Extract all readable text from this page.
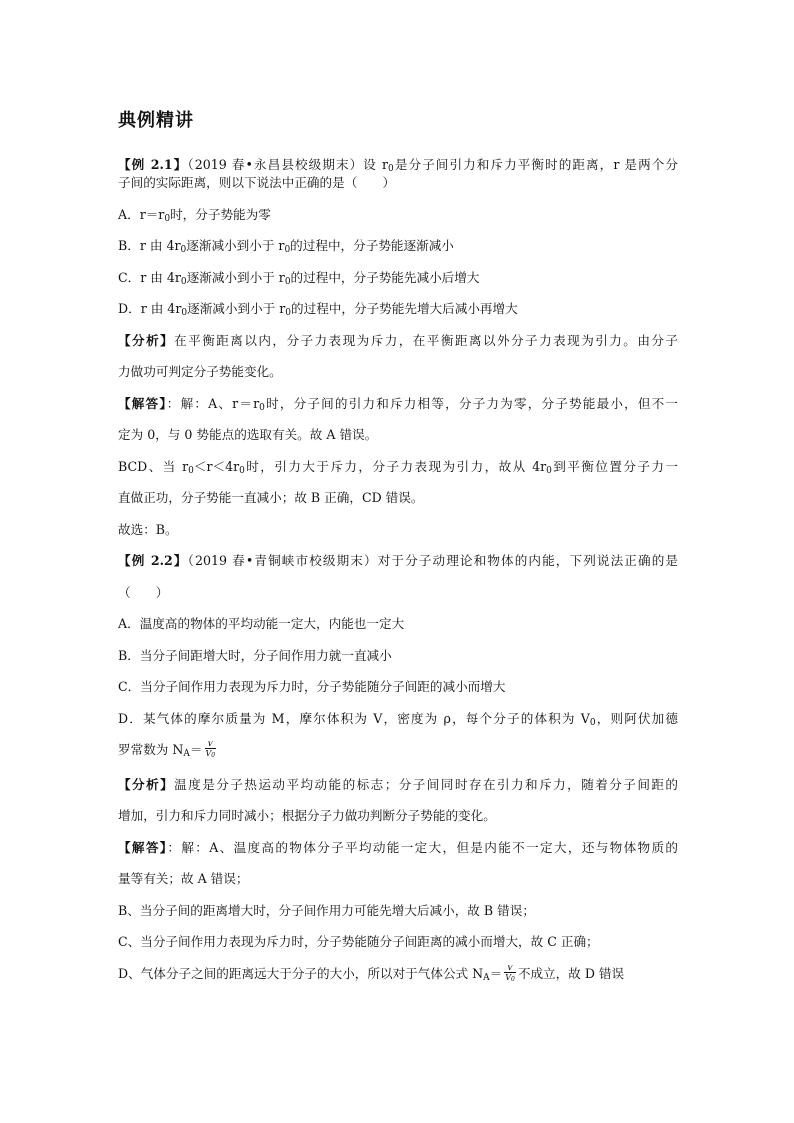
典例精讲
【例 2.1】（2019 春•永昌县校级期末）设 $r_0$是分子间引力和斥力平衡时的距离，r 是两个分
子间的实际距离，则以下说法中正确的是（　　）
A．$r=r_0$时，分子势能为零
B．r 由 $4r_0$逐渐减小到小于 $r_0$的过程中，分子势能逐渐减小
C．r 由 $4r_0$逐渐减小到小于 $r_0$的过程中，分子势能先减小后增大
D．r 由 $4r_0$逐渐减小到小于 $r_0$的过程中，分子势能先增大后减小再增大
【分析】在平衡距离以内，分子力表现为斥力，在平衡距离以外分子力表现为引力。由分子
力做功可判定分子势能变化。
【解答】：解：A、$r=r_0$时，分子间的引力和斥力相等，分子力为零，分子势能最小，但不一
定为 0，与 0 势能点的选取有关。故 A 错误。
BCD、当 $r_0<r<4r_0$时，引力大于斥力，分子力表现为引力，故从 $4r_0$到平衡位置分子力一
直做正功，分子势能一直减小；故 B 正确，CD 错误。
故选：B。
【例 2.2】（2019 春•青铜峡市校级期末）对于分子动理论和物体的内能，下列说法正确的是
（　　）
A．温度高的物体的平均动能一定大，内能也一定大
B．当分子间距增大时，分子间作用力就一直减小
C．当分子间作用力表现为斥力时，分子势能随分子间距的减小而增大
D．某气体的摩尔质量为 M，摩尔体积为 V，密度为 ρ，每个分子的体积为 $V_0$，则阿伏加德
罗常数为 $N_A= \frac{V}{V_0}$
【分析】温度是分子热运动平均动能的标志；分子间同时存在引力和斥力，随着分子间距的
增加，引力和斥力同时减小；根据分子力做功判断分子势能的变化。
【解答】：解：A、温度高的物体分子平均动能一定大，但是内能不一定大，还与物体物质的
量等有关；故 A 错误；
B、当分子间的距离增大时，分子间作用力可能先增大后减小，故 B 错误；
C、当分子间作用力表现为斥力时，分子势能随分子间距离的减小而增大，故 C 正确；
D、气体分子之间的距离远大于分子的大小，所以对于气体公式 $N_A= \frac{V}{V_0}$ 不成立，故 D 错误
